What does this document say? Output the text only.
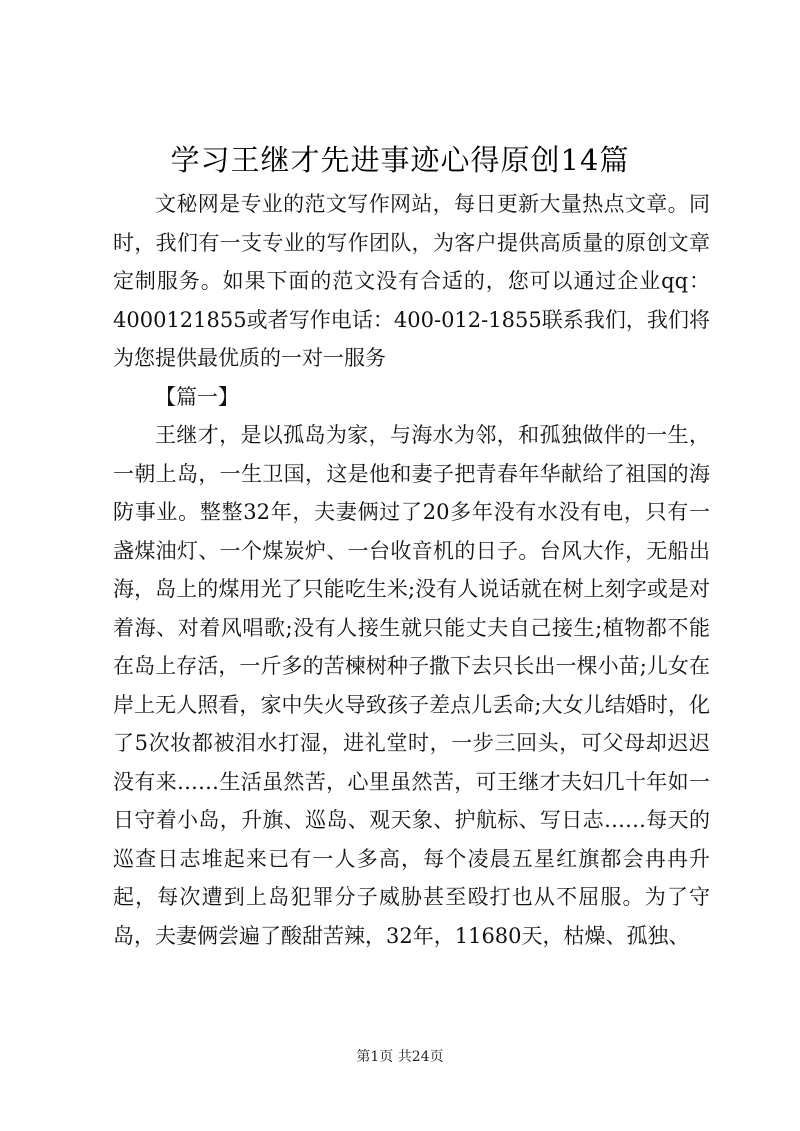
学习王继才先进事迹心得原创14篇

文秘网是专业的范文写作网站，每日更新大量热点文章。同时，我们有一支专业的写作团队，为客户提供高质量的原创文章定制服务。如果下面的范文没有合适的，您可以通过企业qq：4000121855或者写作电话：400-012-1855联系我们，我们将为您提供最优质的一对一服务

【篇一】

王继才，是以孤岛为家，与海水为邻，和孤独做伴的一生，一朝上岛，一生卫国，这是他和妻子把青春年华献给了祖国的海防事业。整整32年，夫妻俩过了20多年没有水没有电，只有一盏煤油灯、一个煤炭炉、一台收音机的日子。台风大作，无船出海，岛上的煤用光了只能吃生米;没有人说话就在树上刻字或是对着海、对着风唱歌;没有人接生就只能丈夫自己接生;植物都不能在岛上存活，一斤多的苦楝树种子撒下去只长出一棵小苗;儿女在岸上无人照看，家中失火导致孩子差点儿丢命;大女儿结婚时，化了5次妆都被泪水打湿，进礼堂时，一步三回头，可父母却迟迟没有来……生活虽然苦，心里虽然苦，可王继才夫妇几十年如一日守着小岛，升旗、巡岛、观天象、护航标、写日志……每天的巡查日志堆起来已有一人多高，每个凌晨五星红旗都会冉冉升起，每次遭到上岛犯罪分子威胁甚至殴打也从不屈服。为了守岛，夫妻俩尝遍了酸甜苦辣，32年，11680天，枯燥、孤独、

第1页 共24页
